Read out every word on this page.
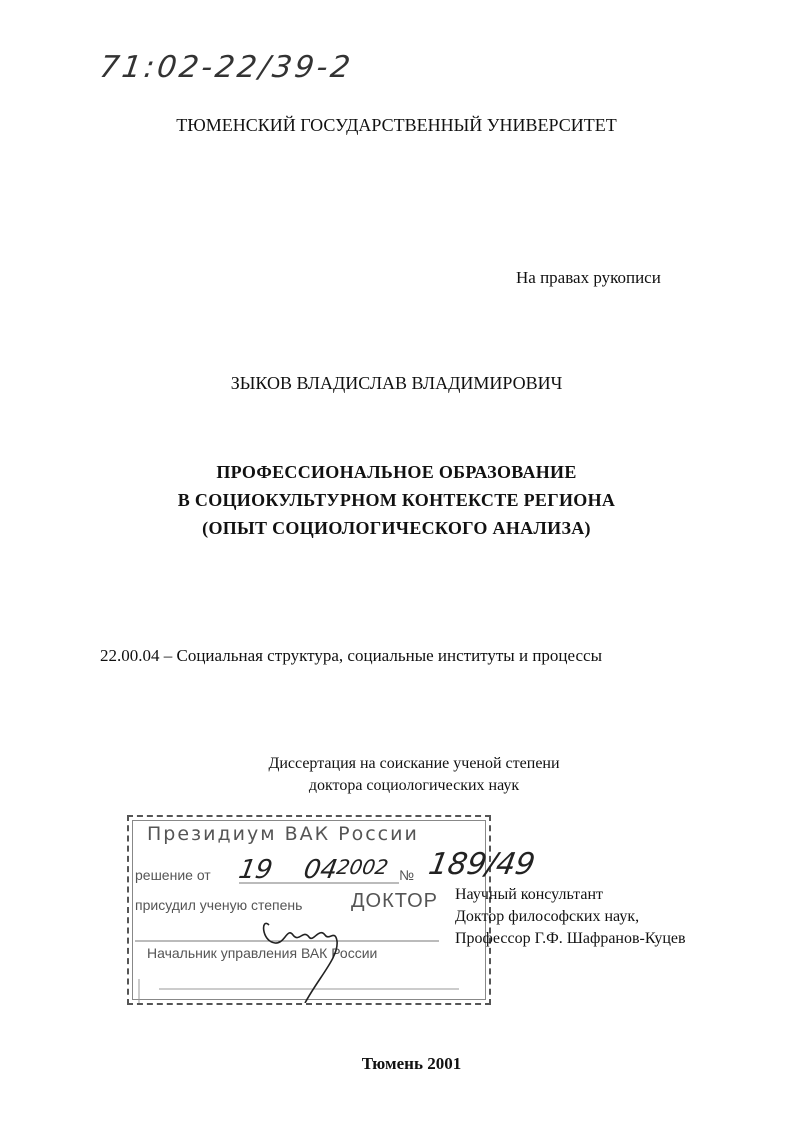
71:02-22/39-2
ТЮМЕНСКИЙ ГОСУДАРСТВЕННЫЙ УНИВЕРСИТЕТ
На правах рукописи
ЗЫКОВ ВЛАДИСЛАВ ВЛАДИМИРОВИЧ
ПРОФЕССИОНАЛЬНОЕ ОБРАЗОВАНИЕ
В СОЦИОКУЛЬТУРНОМ КОНТЕКСТЕ РЕГИОНА
(ОПЫТ СОЦИОЛОГИЧЕСКОГО АНАЛИЗА)
22.00.04 – Социальная структура, социальные институты и процессы
Диссертация на соискание ученой степени
доктора социологических наук
Президиум ВАК России
решение от 19 04
2002 № 189/49
присудил ученую степень ДОКТОР
Начальник управления ВАК России
Научный консультант
Доктор философских наук,
Профессор Г.Ф. Шафранов-Куцев
Тюмень 2001
